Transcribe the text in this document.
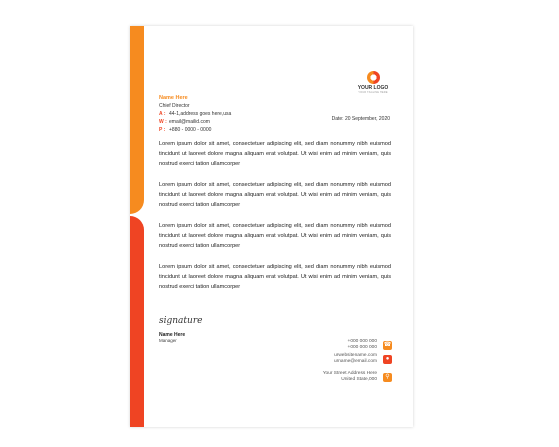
YOUR LOGO
YOUR TAGLINE HERE
Name Here
Chief Director
A : 44-1,address goes here,usa
W : email@mailid.com
P : +880 - 0000 - 0000
Date: 20 September, 2020

Lorem ipsum dolor sit amet, consectetuer adipiscing elit, sed diam nonummy nibh euismod tincidunt ut laoreet dolore magna aliquam erat volutpat. Ut wisi enim ad minim veniam, quis nostrud exerci tation ullamcorper

Lorem ipsum dolor sit amet, consectetuer adipiscing elit, sed diam nonummy nibh euismod tincidunt ut laoreet dolore magna aliquam erat volutpat. Ut wisi enim ad minim veniam, quis nostrud exerci tation ullamcorper

Lorem ipsum dolor sit amet, consectetuer adipiscing elit, sed diam nonummy nibh euismod tincidunt ut laoreet dolore magna aliquam erat volutpat. Ut wisi enim ad minim veniam, quis nostrud exerci tation ullamcorper

Lorem ipsum dolor sit amet, consectetuer adipiscing elit, sed diam nonummy nibh euismod tincidunt ut laoreet dolore magna aliquam erat volutpat. Ut wisi enim ad minim veniam, quis nostrud exerci tation ullamcorper

signature
Name Here
Manager	+000 000 000
+000 000 000 ☎
urwebsitename.com
urname@email.com	●
Your Street Address Here
United State,000	⚲
